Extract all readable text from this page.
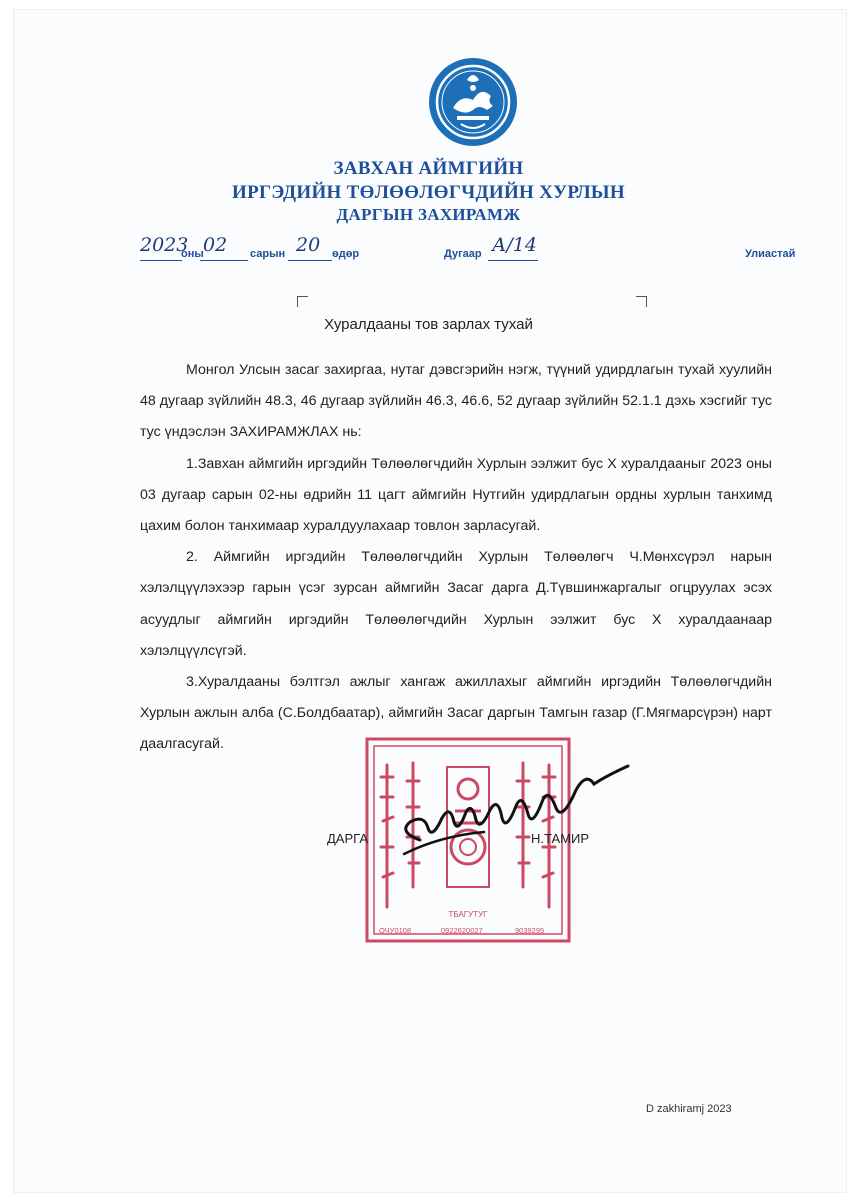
ЗАВХАН АЙМГИЙН
ИРГЭДИЙН ТӨЛӨӨЛӨГЧДИЙН ХУРЛЫН
ДАРГЫН ЗАХИРАМЖ
2023
оны 02 сарын 20 өдөр	Дугаар А/14	Улиастай
Хуралдааны тов зарлах тухай

Монгол Улсын засаг захиргаа, нутаг дэвсгэрийн нэгж, түүний удирдлагын тухай хуулийн 48 дугаар зүйлийн 48.3, 46 дугаар зүйлийн 46.3, 46.6, 52 дугаар зүйлийн 52.1.1 дэхь хэсгийг тус тус үндэслэн ЗАХИРАМЖЛАХ нь:

1.Завхан аймгийн иргэдийн Төлөөлөгчдийн Хурлын ээлжит бус X хуралдааныг 2023 оны 03 дугаар сарын 02-ны өдрийн 11 цагт аймгийн Нутгийн удирдлагын ордны хурлын танхимд цахим болон танхимаар хуралдуулахаар товлон зарласугай.

2. Аймгийн иргэдийн Төлөөлөгчдийн Хурлын Төлөөлөгч Ч.Мөнхсүрэл нарын хэлэлцүүлэхээр гарын үсэг зурсан аймгийн Засаг дарга Д.Түвшинжаргалыг огцруулах эсэх асуудлыг аймгийн иргэдийн Төлөөлөгчдийн Хурлын ээлжит бус X хуралдаанаар хэлэлцүүлсүгэй.

3.Хуралдааны бэлтгэл ажлыг хангаж ажиллахыг аймгийн иргэдийн Төлөөлөгчдийн Хурлын ажлын алба (С.Болдбаатар), аймгийн Засаг даргын Тамгын газар (Г.Мягмарсүрэн) нарт даалгасугай.

ТБАГУТУГ
ОЧУ0108	0922620027	9039295
ДАРГА	Н.ТАМИР
D zakhiramj 2023
